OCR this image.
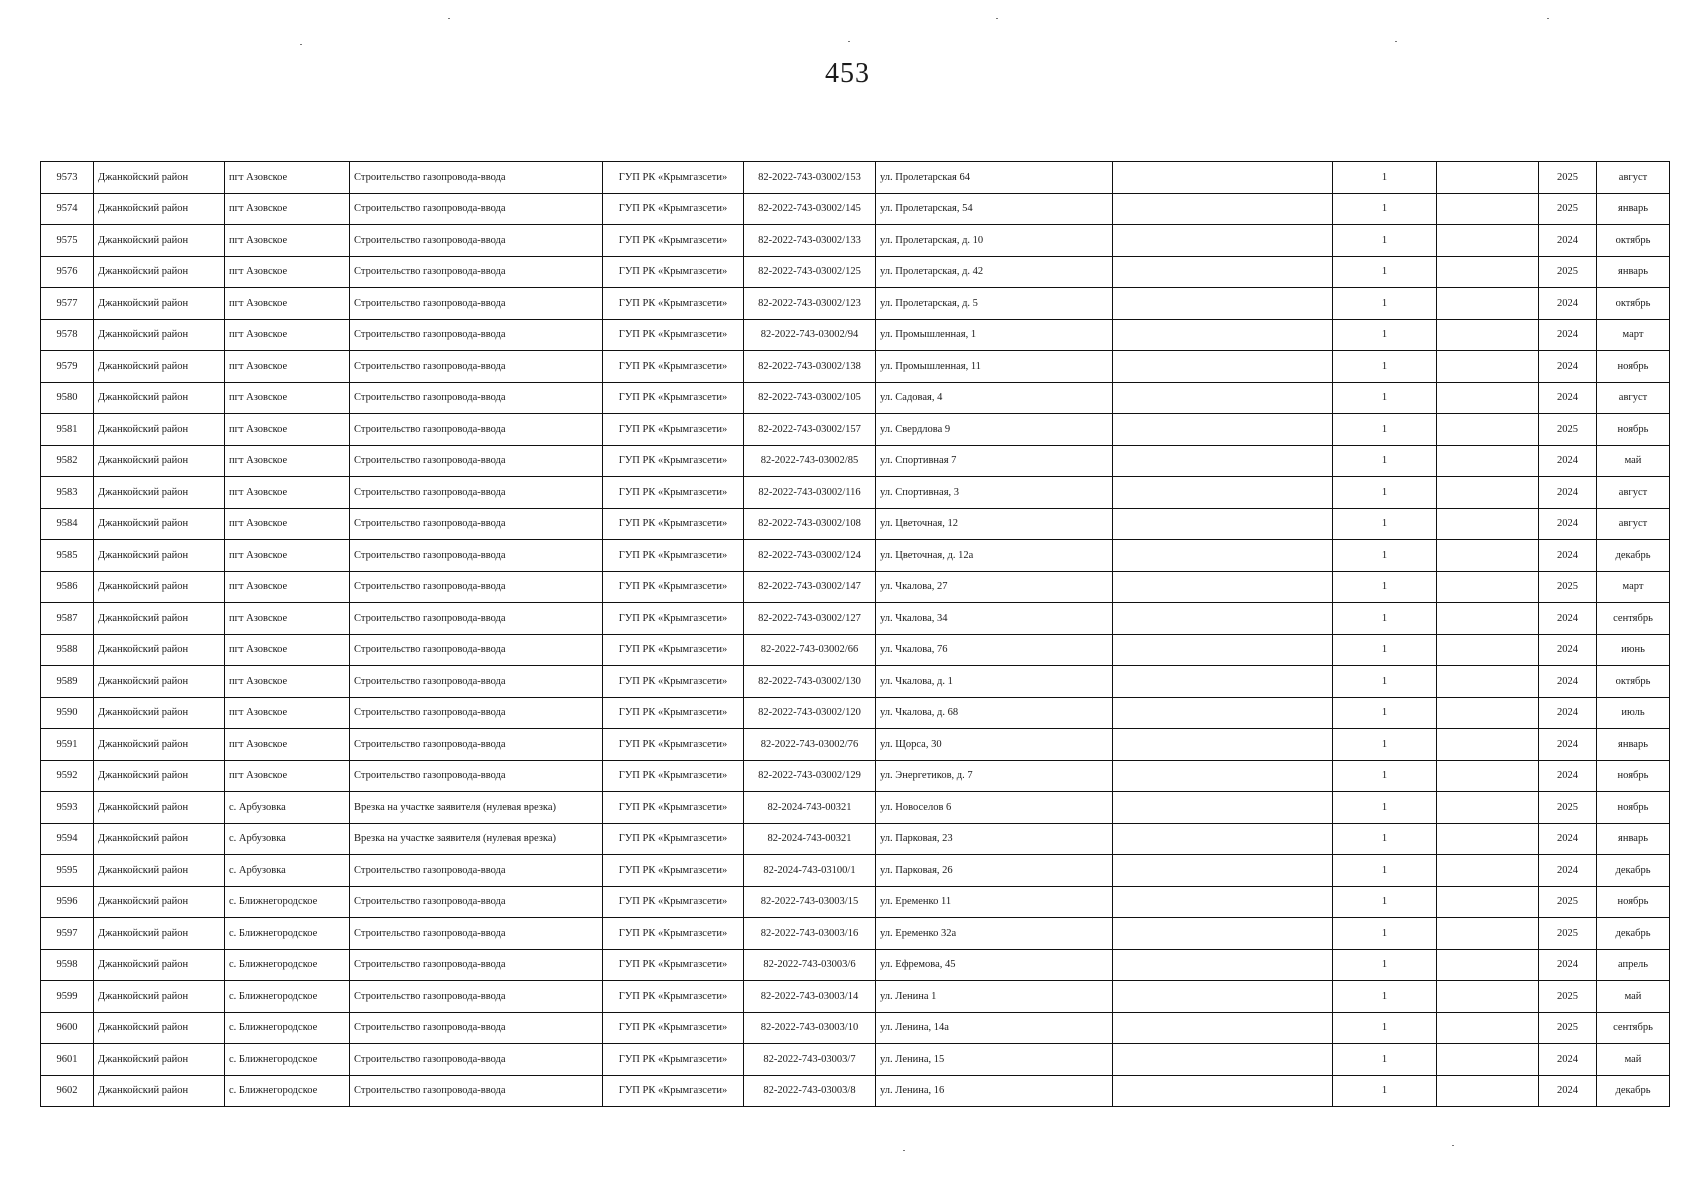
453
9573	Джанкойский район	пгт Азовское	Строительство газопровода-ввода	ГУП РК «Крымгазсети»	82-2022-743-03002/153	ул. Пролетарская 64		1		2025	август
9574	Джанкойский район	пгт Азовское	Строительство газопровода-ввода	ГУП РК «Крымгазсети»	82-2022-743-03002/145	ул. Пролетарская, 54		1		2025	январь
9575	Джанкойский район	пгт Азовское	Строительство газопровода-ввода	ГУП РК «Крымгазсети»	82-2022-743-03002/133	ул. Пролетарская, д. 10		1		2024	октябрь
9576	Джанкойский район	пгт Азовское	Строительство газопровода-ввода	ГУП РК «Крымгазсети»	82-2022-743-03002/125	ул. Пролетарская, д. 42		1		2025	январь
9577	Джанкойский район	пгт Азовское	Строительство газопровода-ввода	ГУП РК «Крымгазсети»	82-2022-743-03002/123	ул. Пролетарская, д. 5		1		2024	октябрь
9578	Джанкойский район	пгт Азовское	Строительство газопровода-ввода	ГУП РК «Крымгазсети»	82-2022-743-03002/94	ул. Промышленная, 1		1		2024	март
9579	Джанкойский район	пгт Азовское	Строительство газопровода-ввода	ГУП РК «Крымгазсети»	82-2022-743-03002/138	ул. Промышленная, 11		1		2024	ноябрь
9580	Джанкойский район	пгт Азовское	Строительство газопровода-ввода	ГУП РК «Крымгазсети»	82-2022-743-03002/105	ул. Садовая, 4		1		2024	август
9581	Джанкойский район	пгт Азовское	Строительство газопровода-ввода	ГУП РК «Крымгазсети»	82-2022-743-03002/157	ул. Свердлова 9		1		2025	ноябрь
9582	Джанкойский район	пгт Азовское	Строительство газопровода-ввода	ГУП РК «Крымгазсети»	82-2022-743-03002/85	ул. Спортивная 7		1		2024	май
9583	Джанкойский район	пгт Азовское	Строительство газопровода-ввода	ГУП РК «Крымгазсети»	82-2022-743-03002/116	ул. Спортивная, 3		1		2024	август
9584	Джанкойский район	пгт Азовское	Строительство газопровода-ввода	ГУП РК «Крымгазсети»	82-2022-743-03002/108	ул. Цветочная, 12		1		2024	август
9585	Джанкойский район	пгт Азовское	Строительство газопровода-ввода	ГУП РК «Крымгазсети»	82-2022-743-03002/124	ул. Цветочная, д. 12а		1		2024	декабрь
9586	Джанкойский район	пгт Азовское	Строительство газопровода-ввода	ГУП РК «Крымгазсети»	82-2022-743-03002/147	ул. Чкалова, 27		1		2025	март
9587	Джанкойский район	пгт Азовское	Строительство газопровода-ввода	ГУП РК «Крымгазсети»	82-2022-743-03002/127	ул. Чкалова, 34		1		2024	сентябрь
9588	Джанкойский район	пгт Азовское	Строительство газопровода-ввода	ГУП РК «Крымгазсети»	82-2022-743-03002/66	ул. Чкалова, 76		1		2024	июнь
9589	Джанкойский район	пгт Азовское	Строительство газопровода-ввода	ГУП РК «Крымгазсети»	82-2022-743-03002/130	ул. Чкалова, д. 1		1		2024	октябрь
9590	Джанкойский район	пгт Азовское	Строительство газопровода-ввода	ГУП РК «Крымгазсети»	82-2022-743-03002/120	ул. Чкалова, д. 68		1		2024	июль
9591	Джанкойский район	пгт Азовское	Строительство газопровода-ввода	ГУП РК «Крымгазсети»	82-2022-743-03002/76	ул. Щорса, 30		1		2024	январь
9592	Джанкойский район	пгт Азовское	Строительство газопровода-ввода	ГУП РК «Крымгазсети»	82-2022-743-03002/129	ул. Энергетиков, д. 7		1		2024	ноябрь
9593	Джанкойский район	с. Арбузовка	Врезка на участке заявителя (нулевая врезка)	ГУП РК «Крымгазсети»	82-2024-743-00321	ул. Новоселов 6		1		2025	ноябрь
9594	Джанкойский район	с. Арбузовка	Врезка на участке заявителя (нулевая врезка)	ГУП РК «Крымгазсети»	82-2024-743-00321	ул. Парковая, 23		1		2024	январь
9595	Джанкойский район	с. Арбузовка	Строительство газопровода-ввода	ГУП РК «Крымгазсети»	82-2024-743-03100/1	ул. Парковая, 26		1		2024	декабрь
9596	Джанкойский район	с. Ближнегородское	Строительство газопровода-ввода	ГУП РК «Крымгазсети»	82-2022-743-03003/15	ул. Еременко 11		1		2025	ноябрь
9597	Джанкойский район	с. Ближнегородское	Строительство газопровода-ввода	ГУП РК «Крымгазсети»	82-2022-743-03003/16	ул. Еременко 32а		1		2025	декабрь
9598	Джанкойский район	с. Ближнегородское	Строительство газопровода-ввода	ГУП РК «Крымгазсети»	82-2022-743-03003/6	ул. Ефремова, 45		1		2024	апрель
9599	Джанкойский район	с. Ближнегородское	Строительство газопровода-ввода	ГУП РК «Крымгазсети»	82-2022-743-03003/14	ул. Ленина 1		1		2025	май
9600	Джанкойский район	с. Ближнегородское	Строительство газопровода-ввода	ГУП РК «Крымгазсети»	82-2022-743-03003/10	ул. Ленина, 14а		1		2025	сентябрь
9601	Джанкойский район	с. Ближнегородское	Строительство газопровода-ввода	ГУП РК «Крымгазсети»	82-2022-743-03003/7	ул. Ленина, 15		1		2024	май
9602	Джанкойский район	с. Ближнегородское	Строительство газопровода-ввода	ГУП РК «Крымгазсети»	82-2022-743-03003/8	ул. Ленина, 16		1		2024	декабрь
